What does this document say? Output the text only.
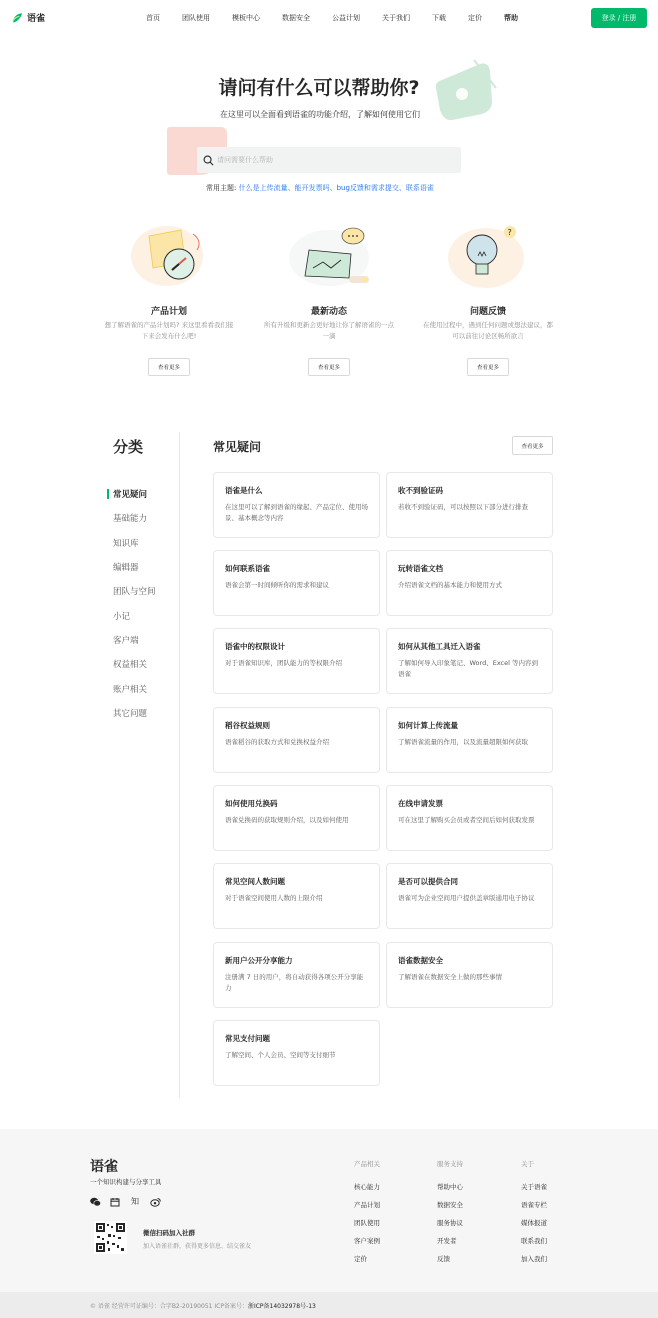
语雀	首页	团队使用	模板中心	数据安全	公益计划	关于我们	下载	定价	帮助	登录 / 注册
请问有什么可以帮助你?
在这里可以全面看到语雀的功能介绍，了解如何使用它们
请问需要什么帮助
常用主题: 什么是上传流量、能开发票吗、bug反馈和需求提交、联系语雀
产品计划
想了解语雀的产品计划吗? 来这里看看我们接下来会发布什么吧!
查看更多
最新动态
所有升级和更新会更好地让你了解语雀的一点一滴
查看更多
?
问题反馈
在使用过程中，遇到任何问题或想法建议，都可以前往讨论区畅所欲言
查看更多
分类
常见疑问
基础能力
知识库
编辑器
团队与空间
小记
客户端
权益相关
账户相关
其它问题
常见疑问	查看更多
语雀是什么
在这里可以了解到语雀的缘起、产品定位、使用场景、基本概念等内容
收不到验证码
若收不到验证码，可以按照以下部分进行排查
如何联系语雀
语雀会第一时间倾听你的需求和建议
玩转语雀文档
介绍语雀文档的基本能力和使用方式
语雀中的权限设计
对于语雀知识库，团队能力的等权限介绍
如何从其他工具迁入语雀
了解如何导入印象笔记、Word、Excel 等内容到语雀
稻谷权益规则
语雀稻谷的获取方式和兑换权益介绍
如何计算上传流量
了解语雀流量的作用，以及流量超限如何获取
如何使用兑换码
语雀兑换码的获取规则介绍，以及如何使用
在线申请发票
可在这里了解购买会员或者空间后如何获取发票
常见空间人数问题
对于语雀空间使用人数的上限介绍
是否可以提供合同
语雀可为企业空间用户提供盖章版通用电子协议
新用户公开分享能力
注册满 7 日的用户，将自动获得各项公开分享能力
语雀数据安全
了解语雀在数据安全上做的那些事情
常见支付问题
了解空间、个人会员、空间等支付细节
语雀
一个知识构建与分享工具
知
微信扫码加入社群
加入语雀社群，获得更多信息、结交雀友
产品相关
核心能力
产品计划
团队使用
客户案例
定价
服务支持
帮助中心
数据安全
服务协议
开发者
反馈
关于
关于语雀
语雀专栏
媒体报道
联系我们
加入我们
© 语雀 经营许可证编号：合字B2-20190051 ICP备案号：浙ICP备14032978号-13
